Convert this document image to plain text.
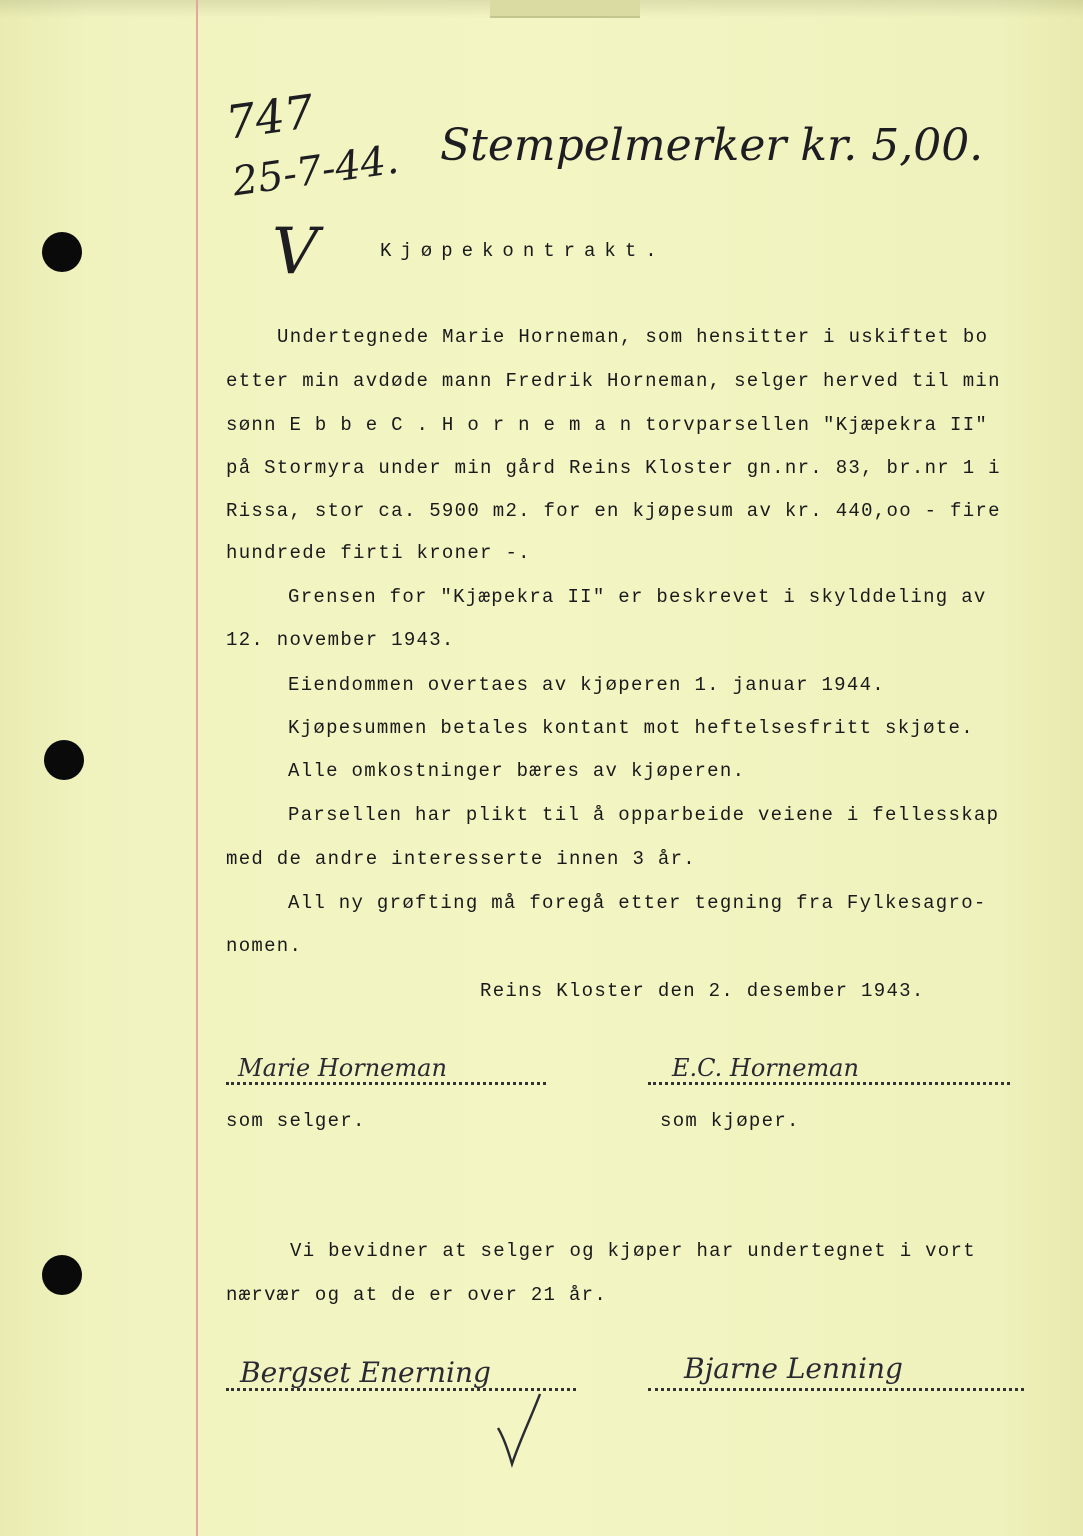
747
25-7-44. Stempelmerker kr. 5,00.
V	Kjøpekontrakt.
Undertegnede Marie Horneman, som hensitter i uskiftet bo
etter min avdøde mann Fredrik Horneman, selger herved til min
sønn E b b e C . H o r n e m a n torvparsellen "Kjæpekra II"
på Stormyra under min gård Reins Kloster gn.nr. 83, br.nr 1 i
Rissa, stor ca. 5900 m2. for en kjøpesum av kr. 440,oo - fire
hundrede firti kroner -.
Grensen for "Kjæpekra II" er beskrevet i skylddeling av
12. november 1943.
Eiendommen overtaes av kjøperen 1. januar 1944.
Kjøpesummen betales kontant mot heftelsesfritt skjøte.
Alle omkostninger bæres av kjøperen.
Parsellen har plikt til å opparbeide veiene i fellesskap
med de andre interesserte innen 3 år.
All ny grøfting må foregå etter tegning fra Fylkesagro-
nomen.
Reins Kloster den 2. desember 1943.
Marie Horneman	E.C. Horneman
som selger.	som kjøper.
Vi bevidner at selger og kjøper har undertegnet i vort
nærvær og at de er over 21 år.
Bergset Enerning	Bjarne Lenning
